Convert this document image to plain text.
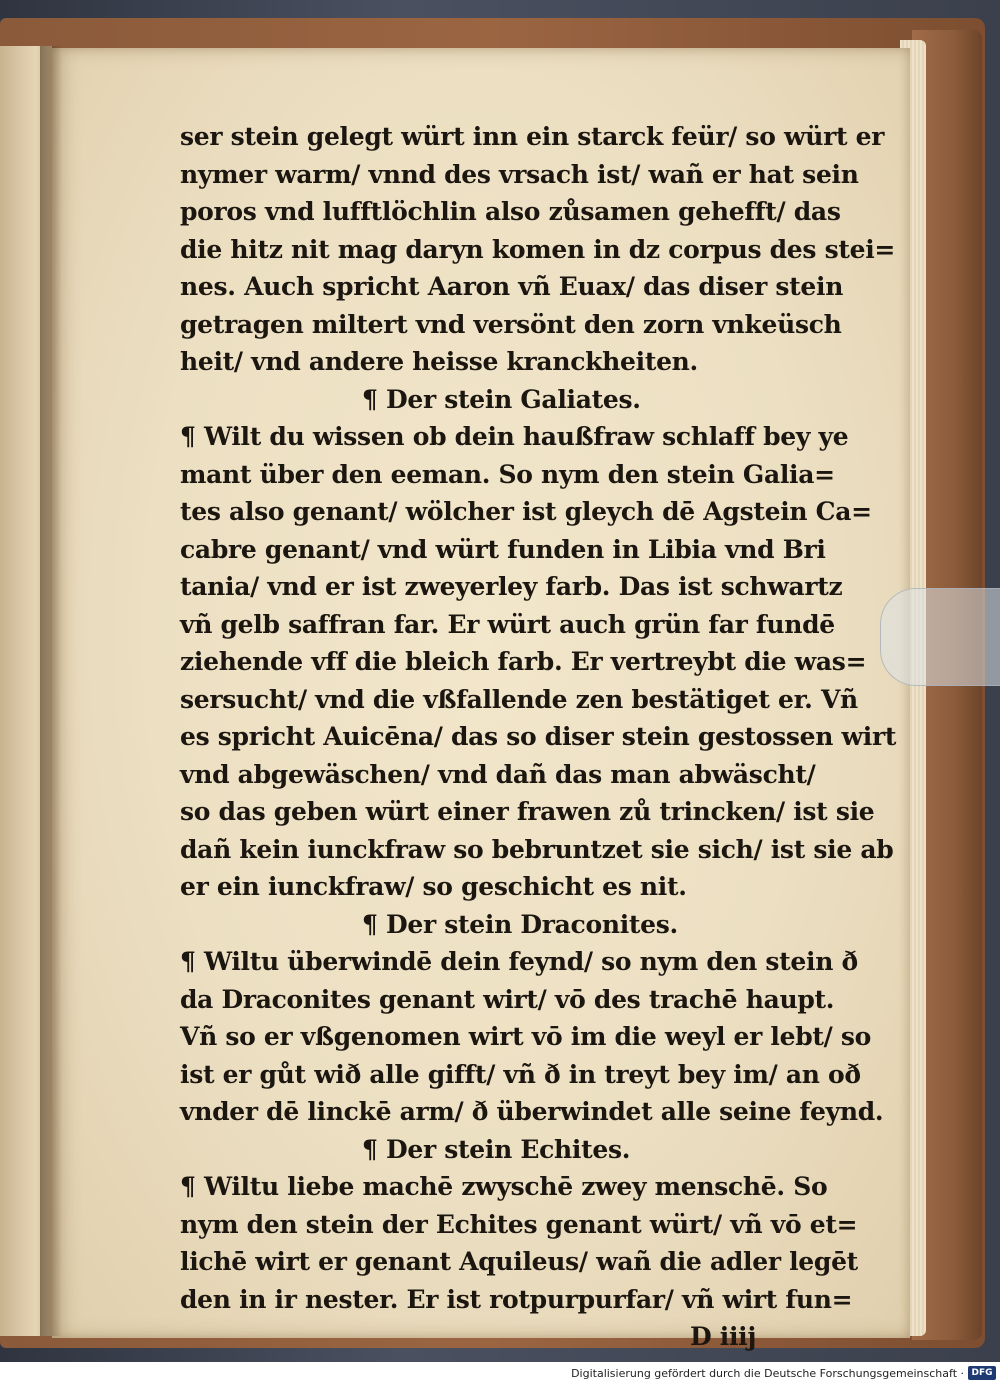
ser stein gelegt würt inn ein starck feür/ so würt er
nymer warm/ vnnd des vrsach ist/ wañ er hat sein
poros vnd lufftlöchlin also zůsamen gehefft/ das
die hitz nit mag daryn komen in dz corpus des stei=
nes. Auch spricht Aaron vñ Euax/ das diser stein
getragen miltert vnd versönt den zorn vnkeüsch
heit/ vnd andere heisse kranckheiten.
¶ Der stein Galiates.
¶ Wilt du wissen ob dein haußfraw schlaff bey ye
mant über den eeman. So nym den stein Galia=
tes also genant/ wölcher ist gleych dē Agstein Ca=
cabre genant/ vnd würt funden in Libia vnd Bri
tania/ vnd er ist zweyerley farb. Das ist schwartz
vñ gelb saffran far. Er würt auch grün far fundē
ziehende vff die bleich farb. Er vertreybt die was=
sersucht/ vnd die vßfallende zen bestätiget er. Vñ
es spricht Auicēna/ das so diser stein gestossen wirt
vnd abgewäschen/ vnd dañ das man abwäscht/
so das geben würt einer frawen zů trincken/ ist sie
dañ kein iunckfraw so bebruntzet sie sich/ ist sie ab
er ein iunckfraw/ so geschicht es nit.
¶ Der stein Draconites.
¶ Wiltu überwindē dein feynd/ so nym den stein ð
da Draconites genant wirt/ vō des trachē haupt.
Vñ so er vßgenomen wirt vō im die weyl er lebt/ so
ist er gůt wið alle gifft/ vñ ð in treyt bey im/ an oð
vnder dē linckē arm/ ð überwindet alle seine feynd.
¶ Der stein Echites.
¶ Wiltu liebe machē zwyschē zwey menschē. So
nym den stein der Echites genant würt/ vñ vō et=
lichē wirt er genant Aquileus/ wañ die adler legēt
den in ir nester. Er ist rotpurpurfar/ vñ wirt fun=
D iiij
Digitalisierung gefördert durch die Deutsche Forschungsgemeinschaft · DFG
